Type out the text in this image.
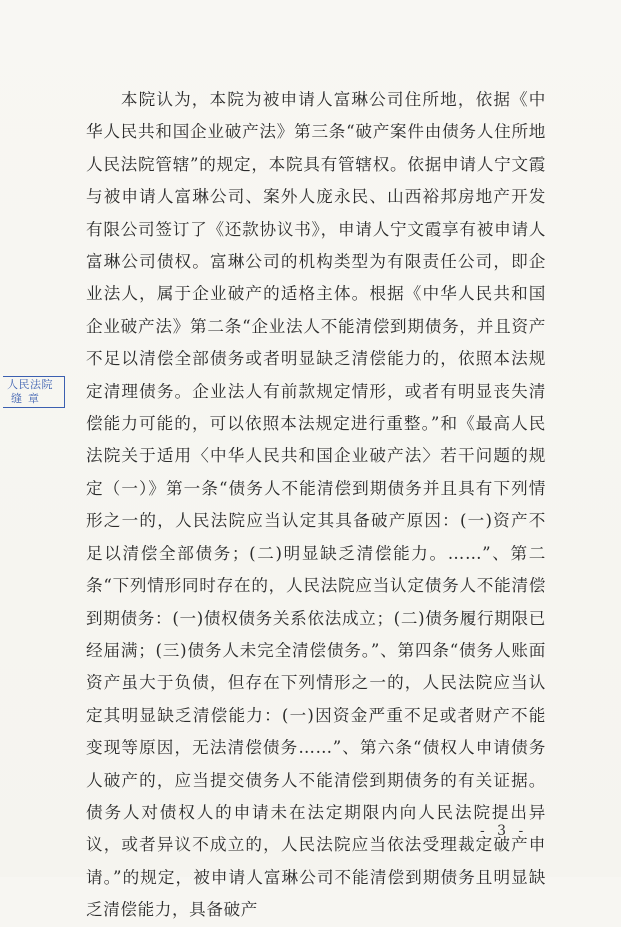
本院认为，本院为被申请人富琳公司住所地，依据《中华人民共和国企业破产法》第三条“破产案件由债务人住所地人民法院管辖”的规定，本院具有管辖权。依据申请人宁文霞与被申请人富琳公司、案外人庞永民、山西裕邦房地产开发有限公司签订了《还款协议书》，申请人宁文霞享有被申请人富琳公司债权。富琳公司的机构类型为有限责任公司，即企业法人，属于企业破产的适格主体。根据《中华人民共和国企业破产法》第二条“企业法人不能清偿到期债务，并且资产不足以清偿全部债务或者明显缺乏清偿能力的，依照本法规定清理债务。企业法人有前款规定情形，或者有明显丧失清偿能力可能的，可以依照本法规定进行重整。”和《最高人民法院关于适用〈中华人民共和国企业破产法〉若干问题的规定（一）》第一条“债务人不能清偿到期债务并且具有下列情形之一的，人民法院应当认定其具备破产原因：(一)资产不足以清偿全部债务；(二)明显缺乏清偿能力。……”、第二条“下列情形同时存在的，人民法院应当认定债务人不能清偿到期债务：(一)债权债务关系依法成立；(二)债务履行期限已经届满；(三)债务人未完全清偿债务。”、第四条“债务人账面资产虽大于负债，但存在下列情形之一的，人民法院应当认定其明显缺乏清偿能力：(一)因资金严重不足或者财产不能变现等原因，无法清偿债务……”、第六条“债权人申请债务人破产的，应当提交债务人不能清偿到期债务的有关证据。债务人对债权人的申请未在法定期限内向人民法院提出异议，或者异议不成立的，人民法院应当依法受理裁定破产申请。”的规定，被申请人富琳公司不能清偿到期债务且明显缺乏清偿能力，具备破产

人民法院
缝章
- 3 -
